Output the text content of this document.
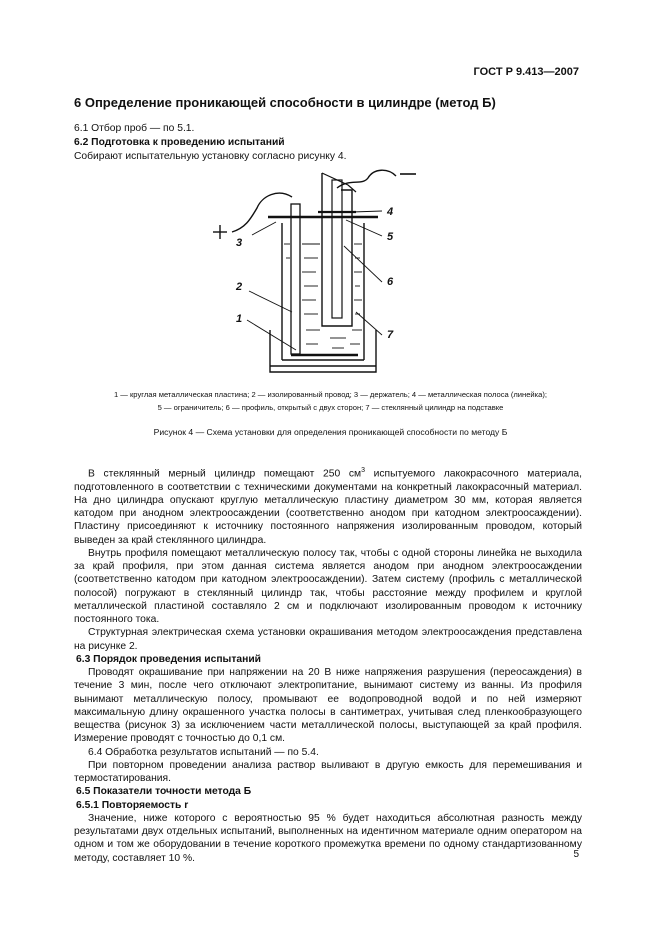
ГОСТ Р 9.413—2007
6 Определение проникающей способности в цилиндре (метод Б)
6.1 Отбор проб — по 5.1.
6.2 Подготовка к проведению испытаний
Собирают испытательную установку согласно рисунку 4.
2
1
3
4
5
6
7
1 — круглая металлическая пластина; 2 — изолированный провод; 3 — держатель; 4 — металлическая полоса (линейка);
5 — ограничитель; 6 — профиль, открытый с двух сторон; 7 — стеклянный цилиндр на подставке
Рисунок 4 — Схема установки для определения проникающей способности по методу Б

В стеклянный мерный цилиндр помещают 250 $см^3$ испытуемого лакокрасочного материала, подготовленного в соответствии с техническими документами на конкретный лакокрасочный материал. На дно цилиндра опускают круглую металлическую пластину диаметром 30 мм, которая является катодом при анодном электроосаждении (соответственно анодом при катодном электроосаждении). Пластину присоединяют к источнику постоянного напряжения изолированным проводом, который выведен за край стеклянного цилиндра.

Внутрь профиля помещают металлическую полосу так, чтобы с одной стороны линейка не выходила за край профиля, при этом данная система является анодом при анодном электроосаждении (соответственно катодом при катодном электроосаждении). Затем систему (профиль с металлической полосой) погружают в стеклянный цилиндр так, чтобы расстояние между профилем и круглой металлической пластиной составляло 2 см и подключают изолированным проводом к источнику постоянного тока.

Структурная электрическая схема установки окрашивания методом электроосаждения представлена на рисунке 2.

6.3 Порядок проведения испытаний

Проводят окрашивание при напряжении на 20 В ниже напряжения разрушения (переосаждения) в течение 3 мин, после чего отключают электропитание, вынимают систему из ванны. Из профиля вынимают металлическую полосу, промывают ее водопроводной водой и по ней измеряют максимальную длину окрашенного участка полосы в сантиметрах, учитывая след пленкообразующего вещества (рисунок 3) за исключением части металлической полосы, выступающей за край профиля. Измерение проводят с точностью до 0,1 см.

6.4 Обработка результатов испытаний — по 5.4.

При повторном проведении анализа раствор выливают в другую емкость для перемешивания и термостатирования.

6.5 Показатели точности метода Б

6.5.1 Повторяемость r

Значение, ниже которого с вероятностью 95 % будет находиться абсолютная разность между результатами двух отдельных испытаний, выполненных на идентичном материале одним оператором на одном и том же оборудовании в течение короткого промежутка времени по одному стандартизованному методу, составляет 10 %.	5
